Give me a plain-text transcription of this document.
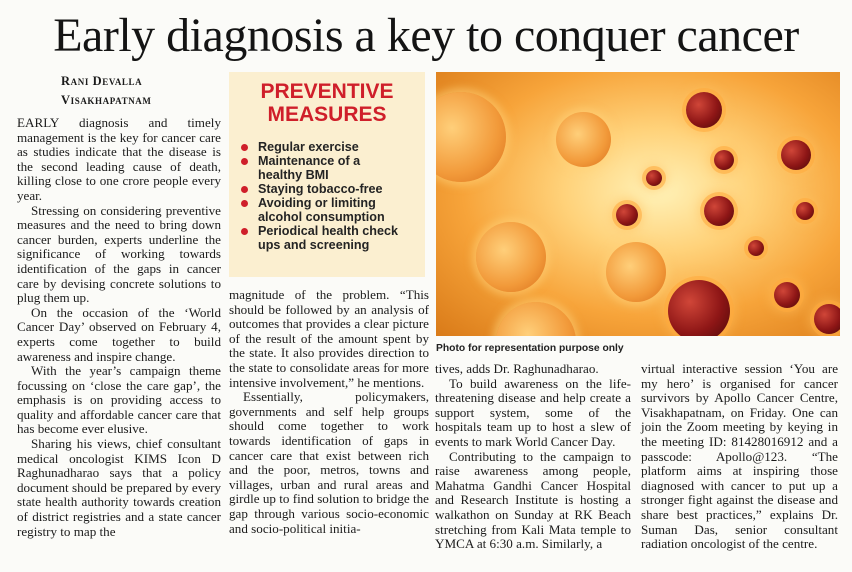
Early diagnosis a key to conquer cancer
Rani Devalla
Visakhapatnam

EARLY diagnosis and timely management is the key for cancer care as studies indicate that the disease is the second leading cause of death, killing close to one crore people every year.

Stressing on considering preventive measures and the need to bring down cancer burden, experts underline the significance of working towards identification of the gaps in cancer care by devising concrete solutions to plug them up.

On the occasion of the ‘World Cancer Day’ observed on February 4, experts come together to build awareness and inspire change.

With the year’s campaign theme focussing on ‘close the care gap’, the emphasis is on providing access to quality and affordable cancer care that has become ever elusive.

Sharing his views, chief consultant medical oncologist KIMS Icon D Raghunadharao says that a policy document should be prepared by every state health authority towards creation of district registries and a state cancer registry to map the

PREVENTIVE
MEASURES
Regular exercise
Maintenance of a
healthy BMI
Staying tobacco-free
Avoiding or limiting
alcohol consumption
Periodical health check
ups and screening
Photo for representation purpose only

magnitude of the problem. “This should be followed by an analysis of outcomes that provides a clear picture of the result of the amount spent by the state. It also provides direction to the state to consolidate areas for more intensive involvement,” he mentions.

Essentially, policymakers, governments and self help groups should come together to work towards identification of gaps in cancer care that exist between rich and the poor, metros, towns and villages, urban and rural areas and girdle up to find solution to bridge the gap through various socio-economic and socio-political initia-

tives, adds Dr. Raghunadharao.

To build awareness on the life-threatening disease and help create a support system, some of the hospitals team up to host a slew of events to mark World Cancer Day.

Contributing to the campaign to raise awareness among people, Mahatma Gandhi Cancer Hospital and Research Institute is hosting a walkathon on Sunday at RK Beach stretching from Kali Mata temple to YMCA at 6:30 a.m. Similarly, a

virtual interactive session ‘You are my hero’ is organised for cancer survivors by Apollo Cancer Centre, Visakhapatnam, on Friday. One can join the Zoom meeting by keying in the meeting ID: 81428016912 and a passcode: Apollo@123. “The platform aims at inspiring those diagnosed with cancer to put up a stronger fight against the disease and share best practices,” explains Dr. Suman Das, senior consultant radiation oncologist of the centre.
